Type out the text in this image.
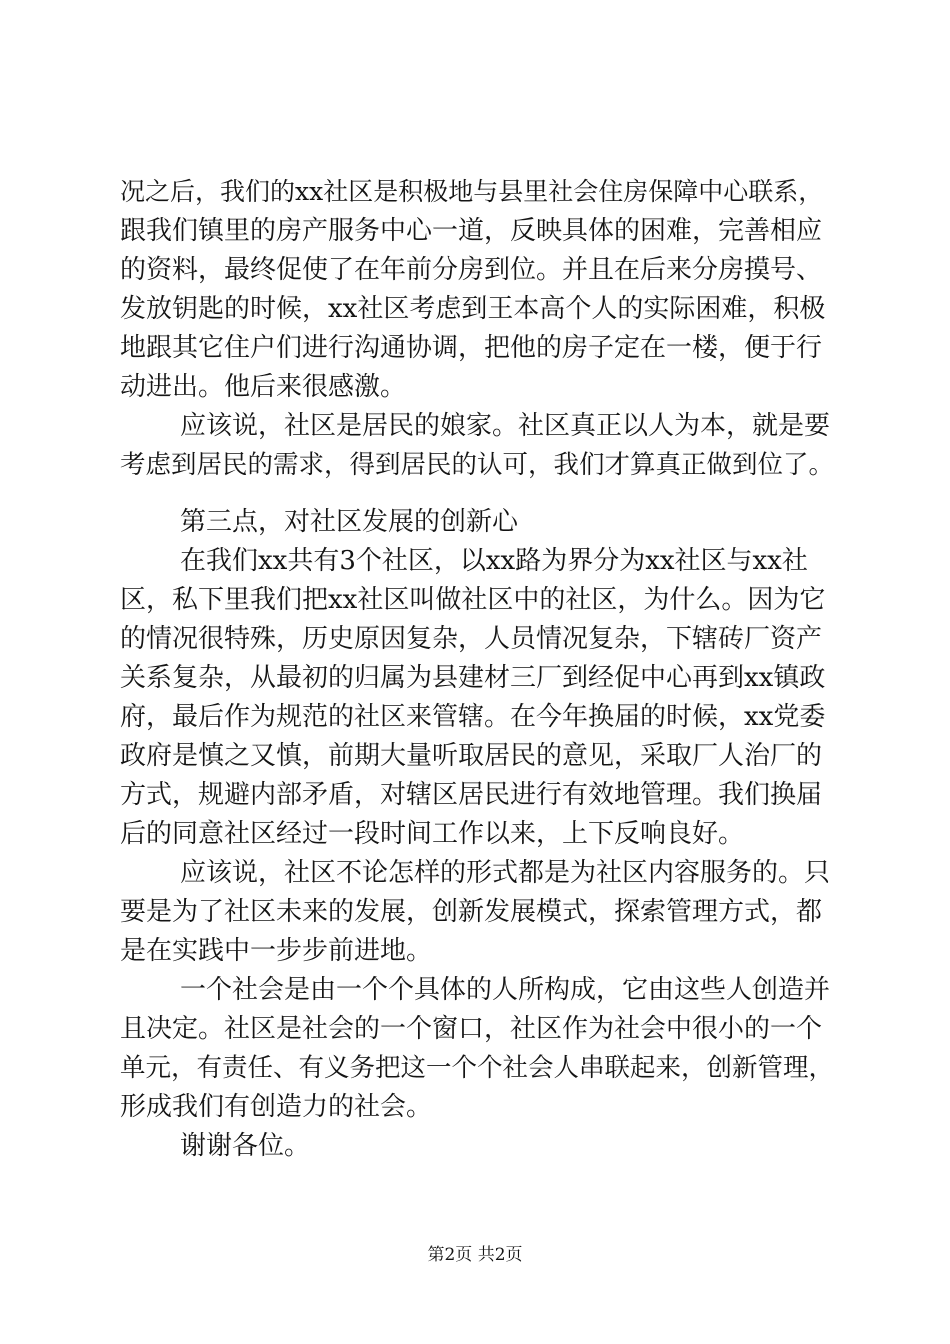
况之后，我们的xx社区是积极地与县里社会住房保障中心联系，
跟我们镇里的房产服务中心一道，反映具体的困难，完善相应
的资料，最终促使了在年前分房到位。并且在后来分房摸号、
发放钥匙的时候，xx社区考虑到王本高个人的实际困难，积极
地跟其它住户们进行沟通协调，把他的房子定在一楼，便于行
动进出。他后来很感激。
应该说，社区是居民的娘家。社区真正以人为本，就是要
考虑到居民的需求，得到居民的认可，我们才算真正做到位了。
第三点，对社区发展的创新心
在我们xx共有3个社区，以xx路为界分为xx社区与xx社
区，私下里我们把xx社区叫做社区中的社区，为什么。因为它
的情况很特殊，历史原因复杂，人员情况复杂，下辖砖厂资产
关系复杂，从最初的归属为县建材三厂到经促中心再到xx镇政
府，最后作为规范的社区来管辖。在今年换届的时候，xx党委
政府是慎之又慎，前期大量听取居民的意见，采取厂人治厂的
方式，规避内部矛盾，对辖区居民进行有效地管理。我们换届
后的同意社区经过一段时间工作以来，上下反响良好。
应该说，社区不论怎样的形式都是为社区内容服务的。只
要是为了社区未来的发展，创新发展模式，探索管理方式，都
是在实践中一步步前进地。
一个社会是由一个个具体的人所构成，它由这些人创造并
且决定。社区是社会的一个窗口，社区作为社会中很小的一个
单元，有责任、有义务把这一个个社会人串联起来，创新管理，
形成我们有创造力的社会。
谢谢各位。
第2页 共2页
